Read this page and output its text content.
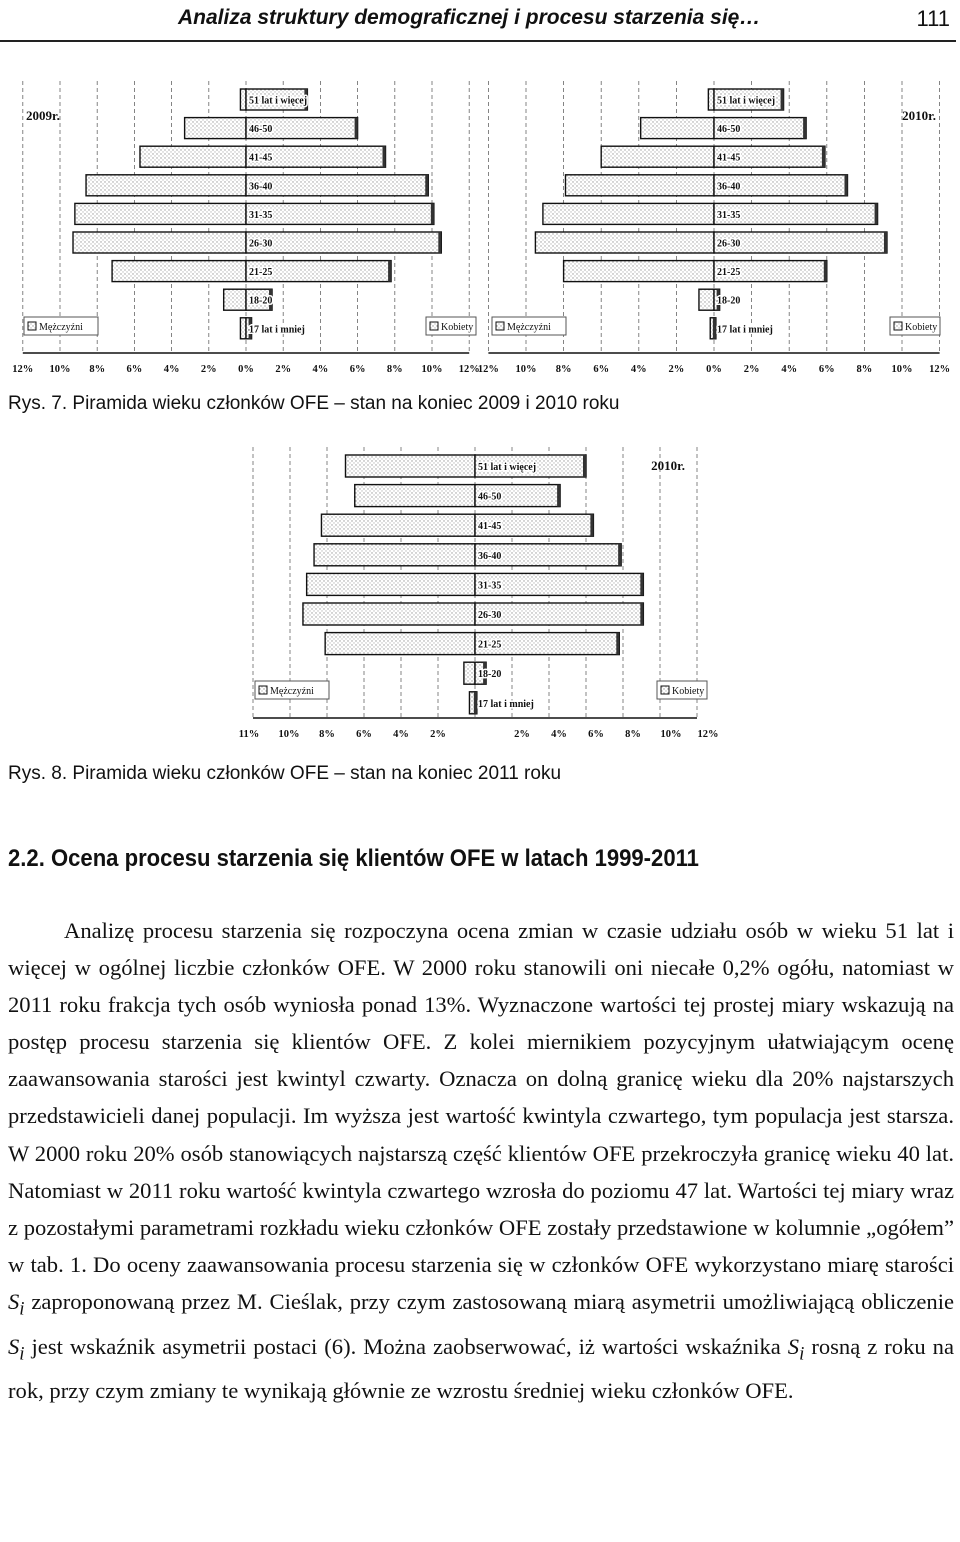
Analiza struktury demograficznej i procesu starzenia się…	111
51 lat i więcej
46-50
41-45
36-40
31-35
26-30
21-25
18-20
17 lat i mniej
12% 10% 8% 6% 4% 2% 0% 2% 4% 6% 8% 10% 12%
2009r.
Mężczyźni	Kobiety
51 lat i więcej
46-50
41-45
36-40
31-35
26-30
21-25
18-20
17 lat i mniej
12% 10% 8% 6% 4% 2% 0% 2% 4% 6% 8% 10% 12%
2010r.
Mężczyźni	Kobiety
51 lat i więcej
46-50
41-45
36-40
31-35
26-30
21-25
18-20
17 lat i mniej
11% 10% 8% 6% 4% 2%	2% 4% 6% 8% 10% 12%
2010r.
Mężczyźni	Kobiety
Rys. 7. Piramida wieku członków OFE – stan na koniec 2009 i 2010 roku
Rys. 8. Piramida wieku członków OFE – stan na koniec 2011 roku
2.2. Ocena procesu starzenia się klientów OFE w latach 1999-2011

Analizę procesu starzenia się rozpoczyna ocena zmian w czasie udziału osób w wieku 51 lat i więcej w ogólnej liczbie członków OFE. W 2000 roku stanowili oni niecałe 0,2% ogółu, natomiast w 2011 roku frakcja tych osób wyniosła ponad 13%. Wyznaczone wartości tej prostej miary wskazują na postęp procesu starzenia się klientów OFE. Z kolei miernikiem pozycyjnym ułatwiającym ocenę zaawansowania starości jest kwintyl czwarty. Oznacza on dolną granicę wieku dla 20% najstarszych przedstawicieli danej populacji. Im wyższa jest wartość kwintyla czwartego, tym populacja jest starsza. W 2000 roku 20% osób stanowiących najstarszą część klientów OFE przekroczyła granicę wieku 40 lat. Natomiast w 2011 roku wartość kwintyla czwartego wzrosła do poziomu 47 lat. Wartości tej miary wraz z pozostałymi parametrami rozkładu wieku członków OFE zostały przedstawione w kolumnie „ogółem” w tab. 1. Do oceny zaawansowania procesu starzenia się w członków OFE wykorzystano miarę starości $S_i$ zaproponowaną przez M. Cieślak, przy czym zastosowaną miarą asymetrii umożliwiającą obliczenie $S_i$ jest wskaźnik asymetrii postaci (6). Można zaobserwować, iż wartości wskaźnika $S_i$ rosną z roku na rok, przy czym zmiany te wynikają głównie ze wzrostu średniej wieku członków OFE.
